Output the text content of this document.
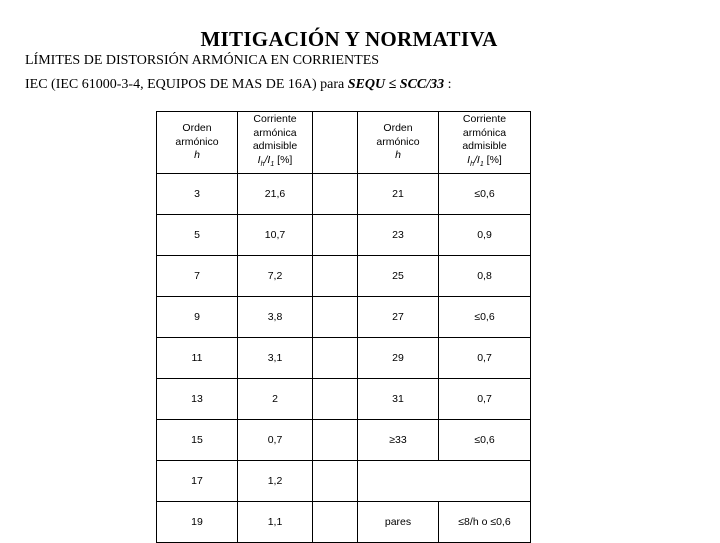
MITIGACIÓN Y NORMATIVA
LÍMITES DE DISTORSIÓN ARMÓNICA EN CORRIENTES
IEC (IEC 61000-3-4, EQUIPOS DE MAS DE 16A) para SEQU ≤ SCC/33 :
Orden
armónico
h	Corriente
armónica
admisible
$I_h/I_1$ [%]		Orden
armónico
h	Corriente
armónica
admisible
$I_h/I_1$ [%]
3	21,6		21	≤0,6
5	10,7		23	0,9
7	7,2		25	0,8
9	3,8		27	≤0,6
11	3,1		29	0,7
13	2		31	0,7
15	0,7		≥33	≤0,6
17	1,2			
19	1,1		pares	≤8/h o ≤0,6
